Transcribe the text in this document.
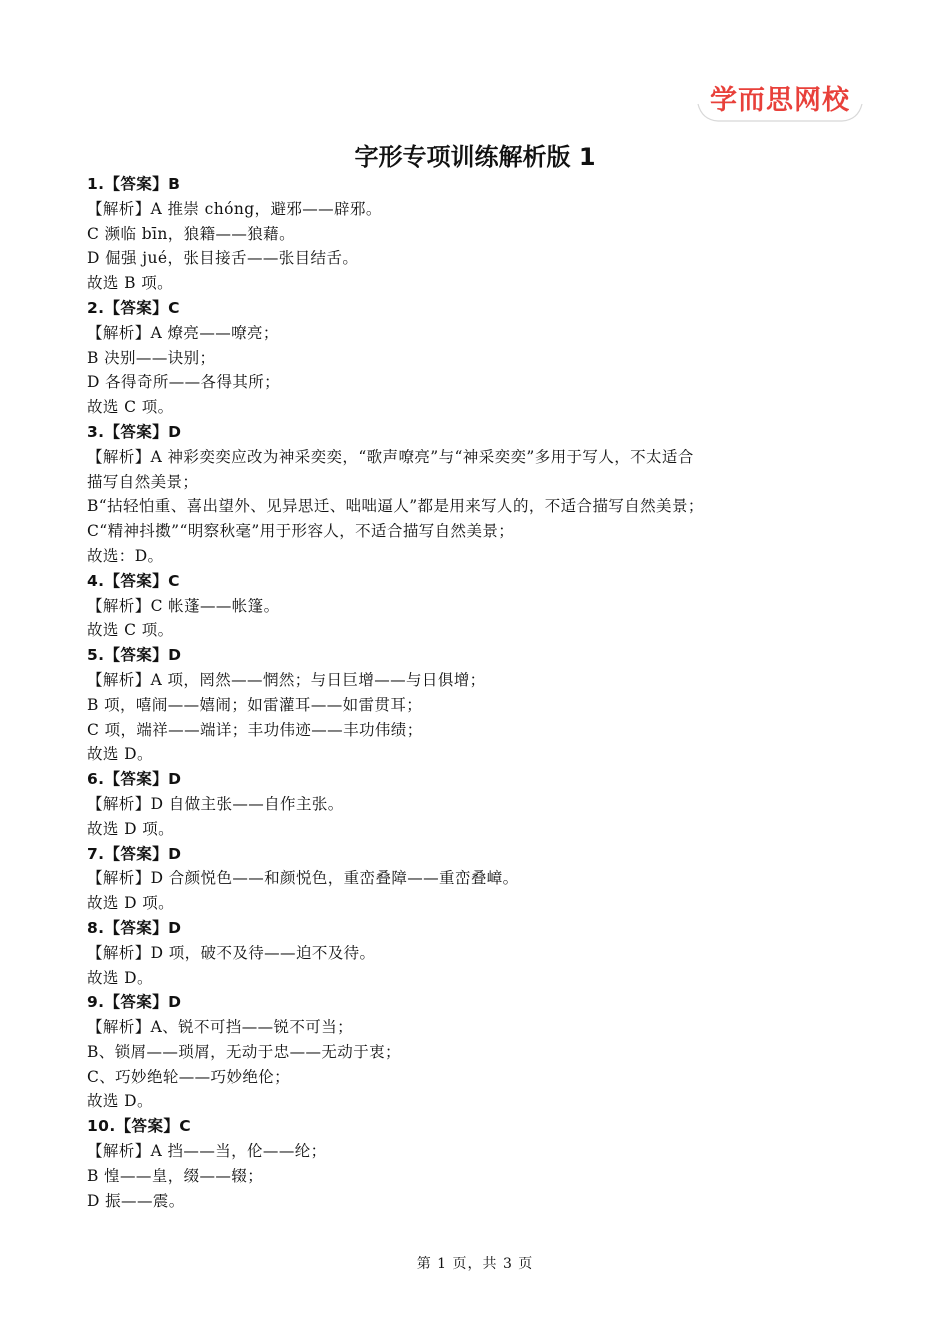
学而思网校
字形专项训练解析版 1
1.【答案】B
【解析】A 推崇 chóng，避邪——辟邪。
C 濒临 bīn，狼籍——狼藉。
D 倔强 jué，张目接舌——张目结舌。
故选 B 项。
2.【答案】C
【解析】A 燎亮——嘹亮；
B 决别——诀别；
D 各得奇所——各得其所；
故选 C 项。
3.【答案】D
【解析】A 神彩奕奕应改为神采奕奕，“歌声嘹亮”与“神采奕奕”多用于写人，不太适合
描写自然美景；
B“拈轻怕重、喜出望外、见异思迁、咄咄逼人”都是用来写人的，不适合描写自然美景；
C“精神抖擞”“明察秋毫”用于形容人，不适合描写自然美景；
故选：D。
4.【答案】C
【解析】C 帐蓬——帐篷。
故选 C 项。
5.【答案】D
【解析】A 项，罔然——惘然；与日巨增——与日俱增；
B 项，嘻闹——嬉闹；如雷灌耳——如雷贯耳；
C 项，端祥——端详；丰功伟迹——丰功伟绩；
故选 D。
6.【答案】D
【解析】D 自做主张——自作主张。
故选 D 项。
7.【答案】D
【解析】D 合颜悦色——和颜悦色，重峦叠障——重峦叠嶂。
故选 D 项。
8.【答案】D
【解析】D 项，破不及待——迫不及待。
故选 D。
9.【答案】D
【解析】A、锐不可挡——锐不可当；
B、锁屑——琐屑，无动于忠——无动于衷；
C、巧妙绝轮——巧妙绝伦；
故选 D。
10.【答案】C
【解析】A 挡——当，伦——纶；
B 惶——皇，缀——辍；
D 振——震。
第 1 页，共 3 页
